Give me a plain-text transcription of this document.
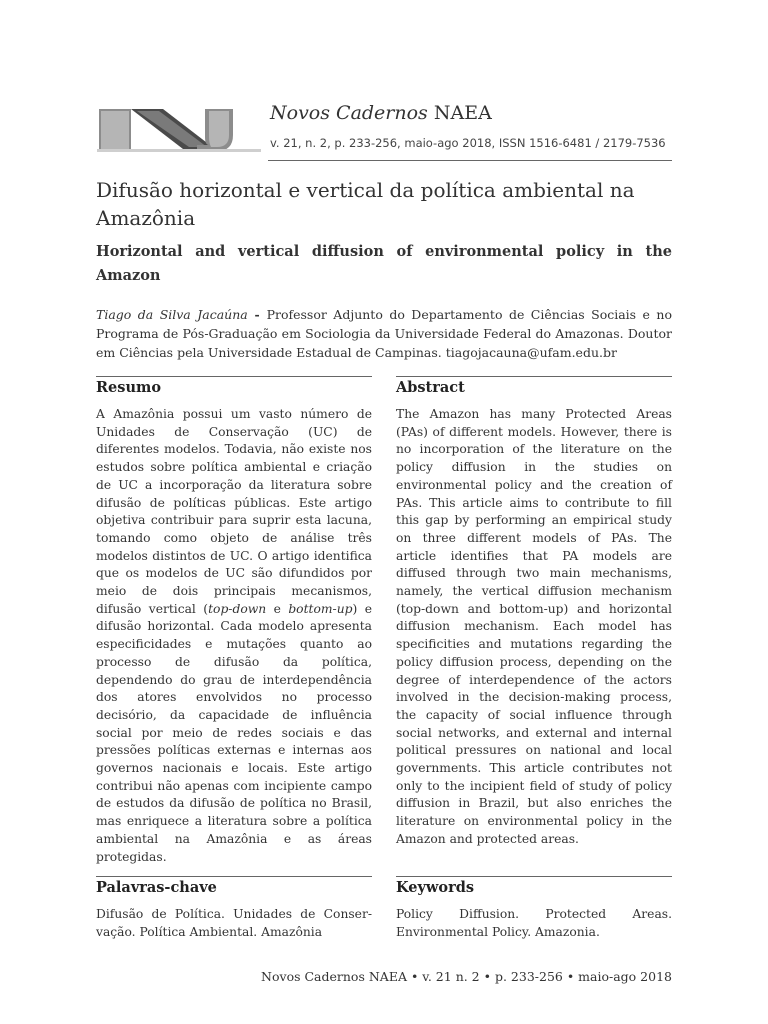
Novos Cadernos NAEA
v. 21, n. 2, p. 233-256, maio-ago 2018, ISSN 1516-6481 / 2179-7536
Difusão horizontal e vertical da política ambiental na Amazônia
Horizontal and vertical diffusion of environmental policy in the Amazon
Tiago da Silva Jacaúna - Professor Adjunto do Departamento de Ciências Sociais e no Programa de Pós-Graduação em Sociologia da Universidade Federal do Amazonas. Doutor em Ciências pela Universidade Estadual de Campinas. tiagojacauna@ufam.edu.br
Resumo	Abstract

A Amazônia possui um vasto número de Unidades de Conservação (UC) de diferentes modelos. Todavia, não existe nos estudos sobre política ambiental e criação de UC a incorporação da literatura sobre difusão de políticas públicas. Este artigo objetiva contribuir para suprir esta lacuna, tomando como objeto de análise três modelos distintos de UC. O artigo identifica que os modelos de UC são difundidos por meio de dois principais mecanismos, difusão vertical (top-down e bottom-up) e difusão horizontal. Cada modelo apresenta especificidades e mutações quanto ao processo de difusão da política, dependendo do grau de interdependência dos atores envolvidos no processo decisório, da capacidade de influência social por meio de redes sociais e das pressões políticas externas e internas aos governos nacionais e locais. Este artigo contribui não apenas com incipiente campo de estudos da difusão de política no Brasil, mas enriquece a literatura sobre a política ambiental na Amazônia e as áreas protegidas.

The Amazon has many Protected Areas (PAs) of different models. However, there is no incorporation of the literature on the policy diffusion in the studies on environmental policy and the creation of PAs. This article aims to contribute to fill this gap by performing an empirical study on three different models of PAs. The article identifies that PA models are diffused through two main mechanisms, namely, the vertical diffusion mechanism (top-down and bottom-up) and horizontal diffusion mechanism. Each model has specificities and mutations regarding the policy diffusion process, depending on the degree of interdependence of the actors involved in the decision-making process, the capacity of social influence through social networks, and external and internal political pressures on national and local governments. This article contributes not only to the incipient field of study of policy diffusion in Brazil, but also enriches the literature on environmental policy in the Amazon and protected areas.

Palavras-chave	Keywords

Difusão de Política. Unidades de Conser-vação. Política Ambiental. Amazônia

Policy Diffusion. Protected Areas. Environmental Policy. Amazonia.

Novos Cadernos NAEA • v. 21 n. 2 • p. 233-256 • maio-ago 2018
